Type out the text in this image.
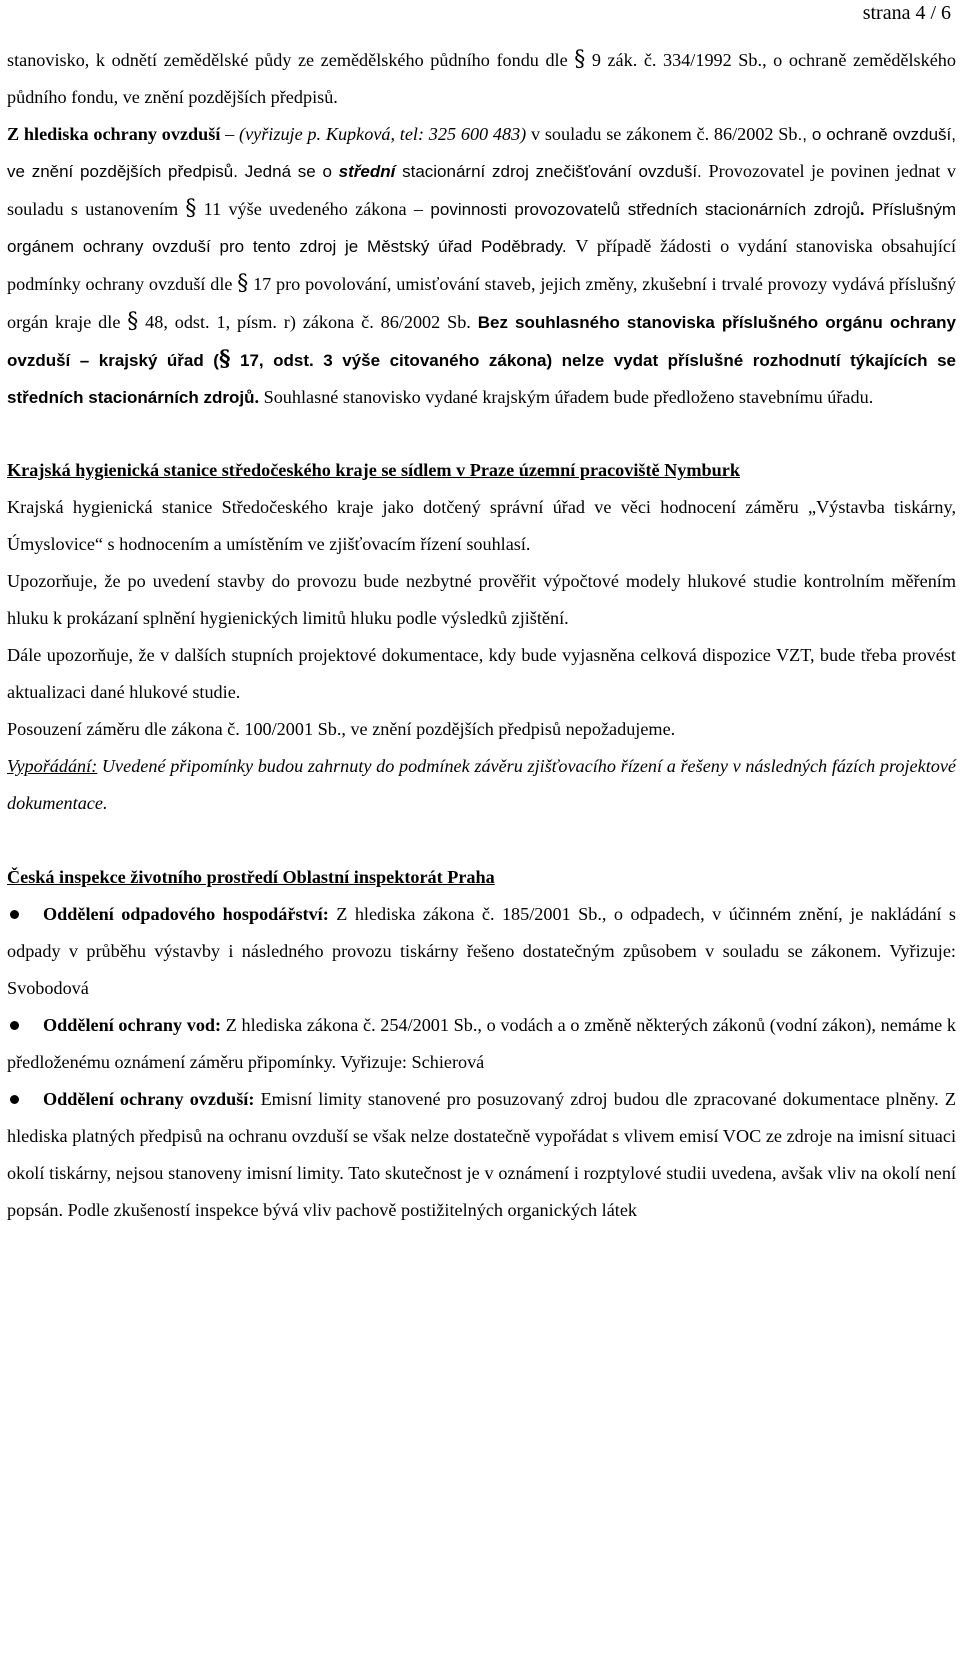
strana 4 / 6

stanovisko, k odnětí zemědělské půdy ze zemědělského půdního fondu dle § 9 zák. č. 334/1992 Sb., o ochraně zemědělského půdního fondu, ve znění pozdějších předpisů.

Z hlediska ochrany ovzduší – (vyřizuje p. Kupková, tel: 325 600 483) v souladu se zákonem č. 86/2002 Sb., o ochraně ovzduší, ve znění pozdějších předpisů. Jedná se o střední stacionární zdroj znečišťování ovzduší. Provozovatel je povinen jednat v souladu s ustanovením § 11 výše uvedeného zákona – povinnosti provozovatelů středních stacionárních zdrojů. Příslušným orgánem ochrany ovzduší pro tento zdroj je Městský úřad Poděbrady. V případě žádosti o vydání stanoviska obsahující podmínky ochrany ovzduší dle § 17 pro povolování, umisťování staveb, jejich změny, zkušební i trvalé provozy vydává příslušný orgán kraje dle § 48, odst. 1, písm. r) zákona č. 86/2002 Sb. Bez souhlasného stanoviska příslušného orgánu ochrany ovzduší – krajský úřad (§ 17, odst. 3 výše citovaného zákona) nelze vydat příslušné rozhodnutí týkajících se středních stacionárních zdrojů. Souhlasné stanovisko vydané krajským úřadem bude předloženo stavebnímu úřadu.

Krajská hygienická stanice středočeského kraje se sídlem v Praze územní pracoviště Nymburk

Krajská hygienická stanice Středočeského kraje jako dotčený správní úřad ve věci hodnocení záměru „Výstavba tiskárny, Úmyslovice“ s hodnocením a umístěním ve zjišťovacím řízení souhlasí.

Upozorňuje, že po uvedení stavby do provozu bude nezbytné prověřit výpočtové modely hlukové studie kontrolním měřením hluku k prokázaní splnění hygienických limitů hluku podle výsledků zjištění.

Dále upozorňuje, že v dalších stupních projektové dokumentace, kdy bude vyjasněna celková dispozice VZT, bude třeba provést aktualizaci dané hlukové studie.

Posouzení záměru dle zákona č. 100/2001 Sb., ve znění pozdějších předpisů nepožadujeme.

Vypořádání: Uvedené připomínky budou zahrnuty do podmínek závěru zjišťovacího řízení a řešeny v následných fázích projektové dokumentace.

Česká inspekce životního prostředí Oblastní inspektorát Praha

Oddělení odpadového hospodářství: Z hlediska zákona č. 185/2001 Sb., o odpadech, v účinném znění, je nakládání s odpady v průběhu výstavby i následného provozu tiskárny řešeno dostatečným způsobem v souladu se zákonem. Vyřizuje: Svobodová
Oddělení ochrany vod: Z hlediska zákona č. 254/2001 Sb., o vodách a o změně některých zákonů (vodní zákon), nemáme k předloženému oznámení záměru připomínky. Vyřizuje: Schierová
Oddělení ochrany ovzduší: Emisní limity stanovené pro posuzovaný zdroj budou dle zpracované dokumentace plněny. Z hlediska platných předpisů na ochranu ovzduší se však nelze dostatečně vypořádat s vlivem emisí VOC ze zdroje na imisní situaci okolí tiskárny, nejsou stanoveny imisní limity. Tato skutečnost je v oznámení i rozptylové studii uvedena, avšak vliv na okolí není popsán. Podle zkušeností inspekce bývá vliv pachově postižitelných organických látek
